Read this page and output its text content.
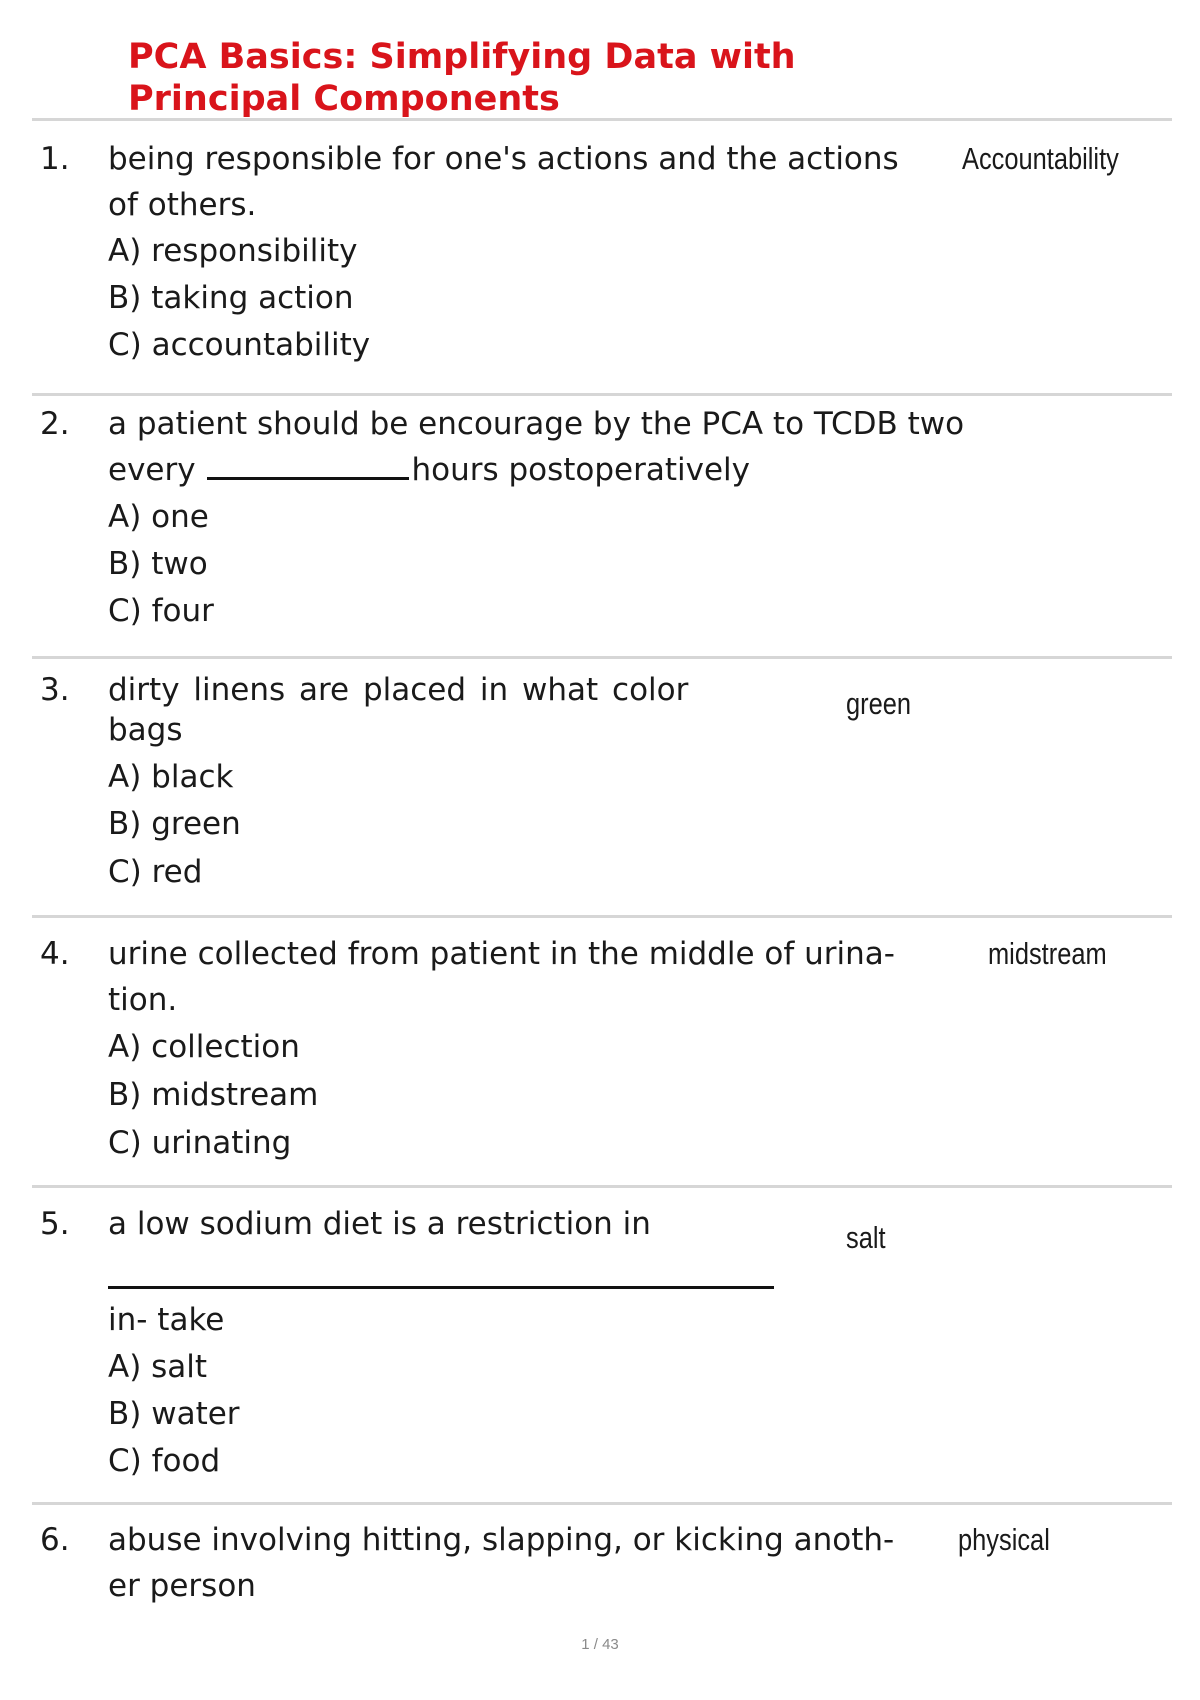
PCA Basics: Simplifying Data with Principal Components
1. being responsible for one's actions and the actions
of others.
Accountability
A) responsibility
B) taking action
C) accountability
2. a patient should be encourage by the PCA to TCDB two
every	hours postoperatively
A) one
B) two
C) four
3. dirty linens are placed in what color
bags
green
A) black
B) green
C) red
4. urine collected from patient in the middle of urina-
tion.
midstream
A) collection
B) midstream
C) urinating
5. a low sodium diet is a restriction in	salt
in- take
A) salt
B) water
C) food
6. abuse involving hitting, slapping, or kicking anoth-
er person
physical
1 / 43
